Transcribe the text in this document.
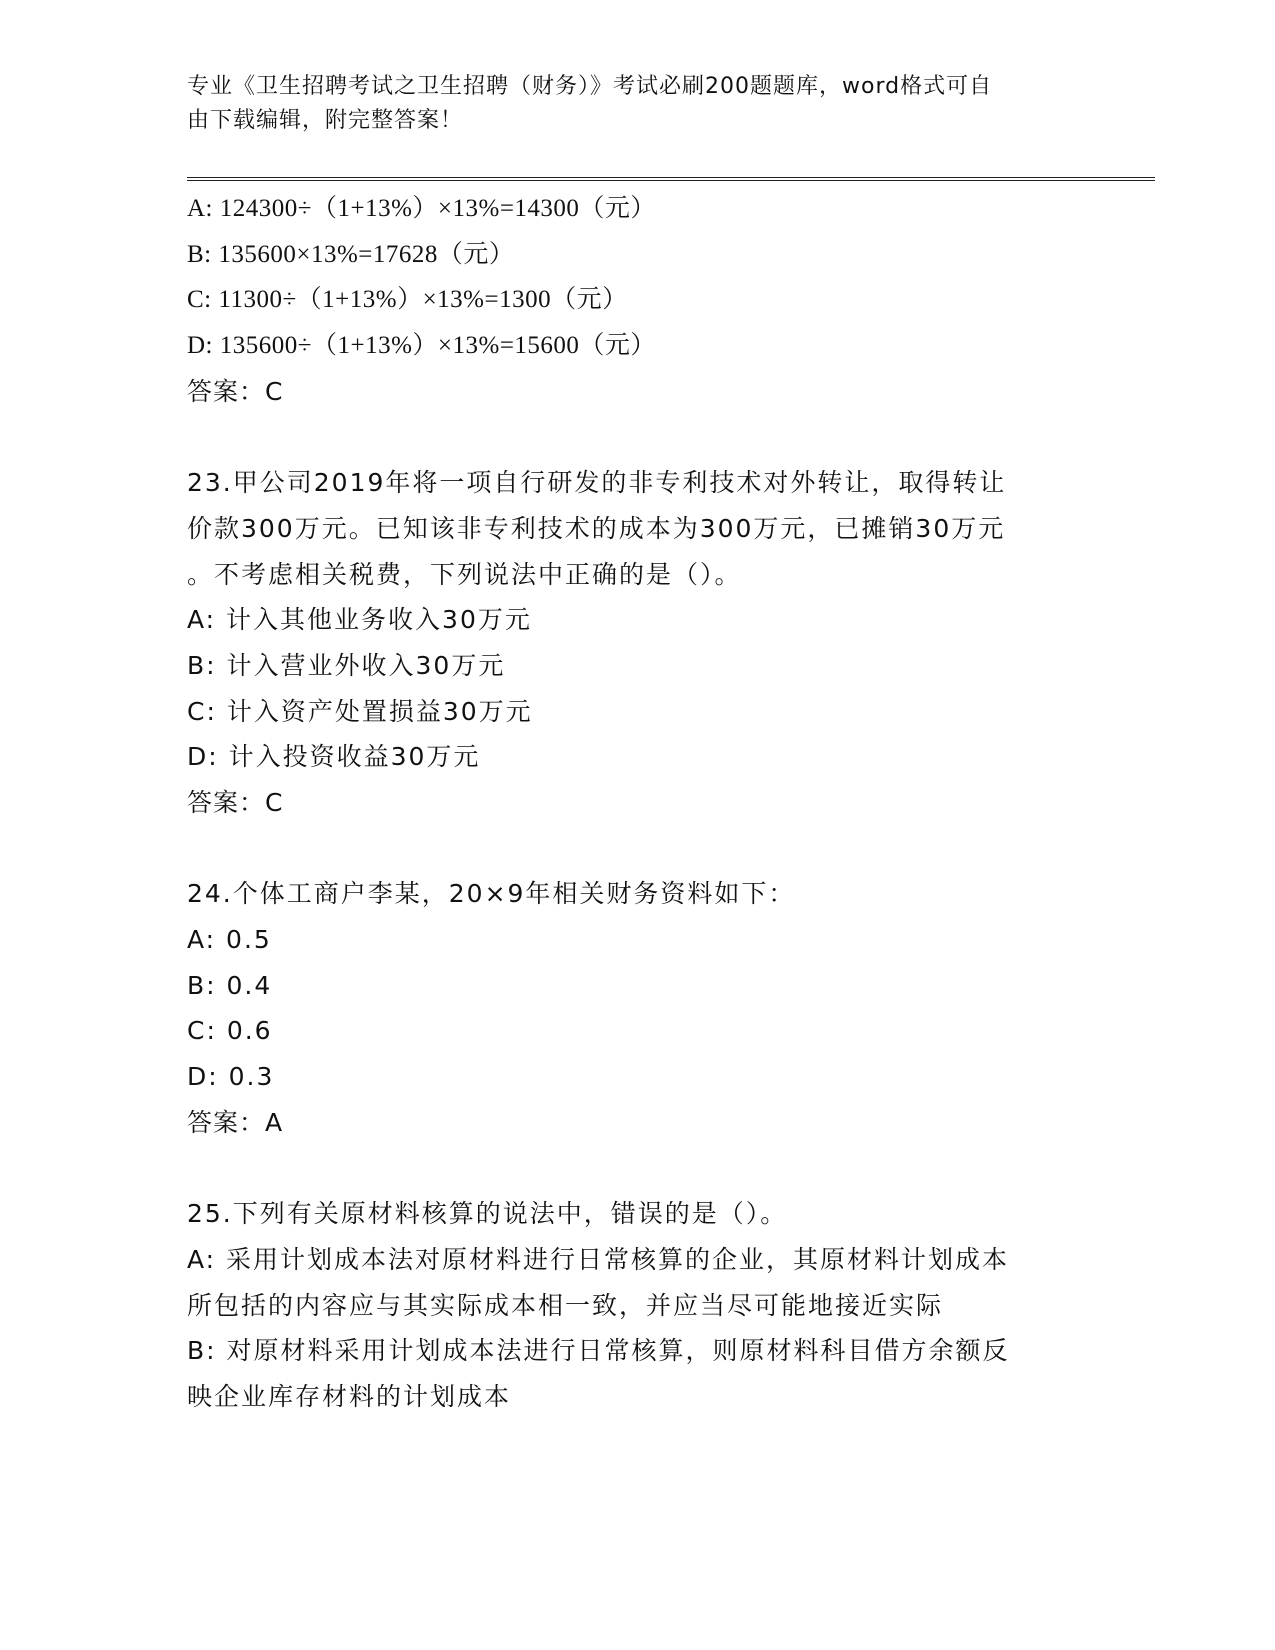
专业《卫生招聘考试之卫生招聘（财务）》考试必刷200题题库，word格式可自
由下载编辑，附完整答案！
A: 124300÷（1+13%）×13%=14300（元）
B: 135600×13%=17628（元）
C: 11300÷（1+13%）×13%=1300（元）
D: 135600÷（1+13%）×13%=15600（元）
答案：C
23.甲公司2019年将一项自行研发的非专利技术对外转让，取得转让
价款300万元。已知该非专利技术的成本为300万元，已摊销30万元
。不考虑相关税费，下列说法中正确的是（）。
A: 计入其他业务收入30万元
B: 计入营业外收入30万元
C: 计入资产处置损益30万元
D: 计入投资收益30万元
答案：C
24.个体工商户李某，20×9年相关财务资料如下：
A: 0.5
B: 0.4
C: 0.6
D: 0.3
答案：A
25.下列有关原材料核算的说法中，错误的是（）。
A: 采用计划成本法对原材料进行日常核算的企业，其原材料计划成本
所包括的内容应与其实际成本相一致，并应当尽可能地接近实际
B: 对原材料采用计划成本法进行日常核算，则原材料科目借方余额反
映企业库存材料的计划成本
